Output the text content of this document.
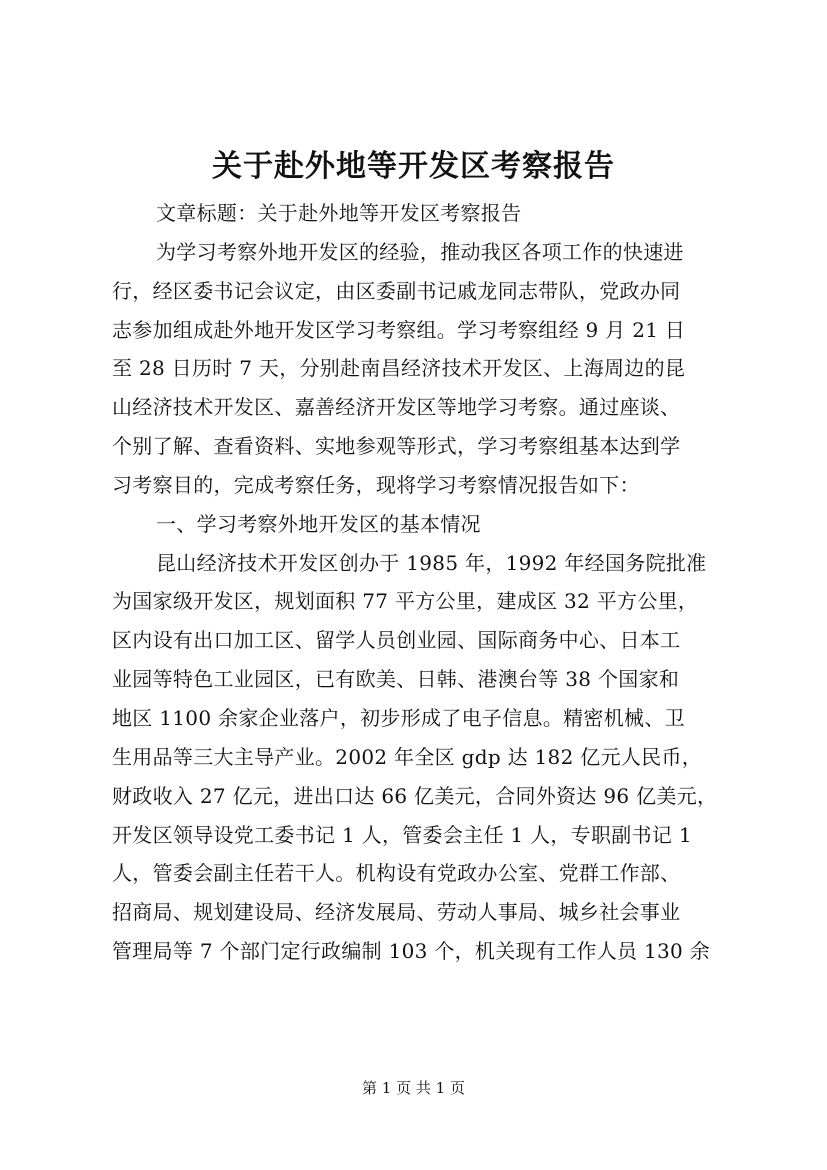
关于赴外地等开发区考察报告
文章标题：关于赴外地等开发区考察报告
为学习考察外地开发区的经验，推动我区各项工作的快速进
行，经区委书记会议定，由区委副书记戚龙同志带队，党政办同
志参加组成赴外地开发区学习考察组。学习考察组经 9 月 21 日
至 28 日历时 7 天，分别赴南昌经济技术开发区、上海周边的昆
山经济技术开发区、嘉善经济开发区等地学习考察。通过座谈、
个别了解、查看资料、实地参观等形式，学习考察组基本达到学
习考察目的，完成考察任务，现将学习考察情况报告如下：
一、学习考察外地开发区的基本情况
昆山经济技术开发区创办于 1985 年，1992 年经国务院批准
为国家级开发区，规划面积 77 平方公里，建成区 32 平方公里，
区内设有出口加工区、留学人员创业园、国际商务中心、日本工
业园等特色工业园区，已有欧美、日韩、港澳台等 38 个国家和
地区 1100 余家企业落户，初步形成了电子信息。精密机械、卫
生用品等三大主导产业。2002 年全区 gdp 达 182 亿元人民币，
财政收入 27 亿元，进出口达 66 亿美元，合同外资达 96 亿美元，
开发区领导设党工委书记 1 人，管委会主任 1 人，专职副书记 1
人，管委会副主任若干人。机构设有党政办公室、党群工作部、
招商局、规划建设局、经济发展局、劳动人事局、城乡社会事业
管理局等 7 个部门定行政编制 103 个，机关现有工作人员 130 余
第 1 页 共 1 页
